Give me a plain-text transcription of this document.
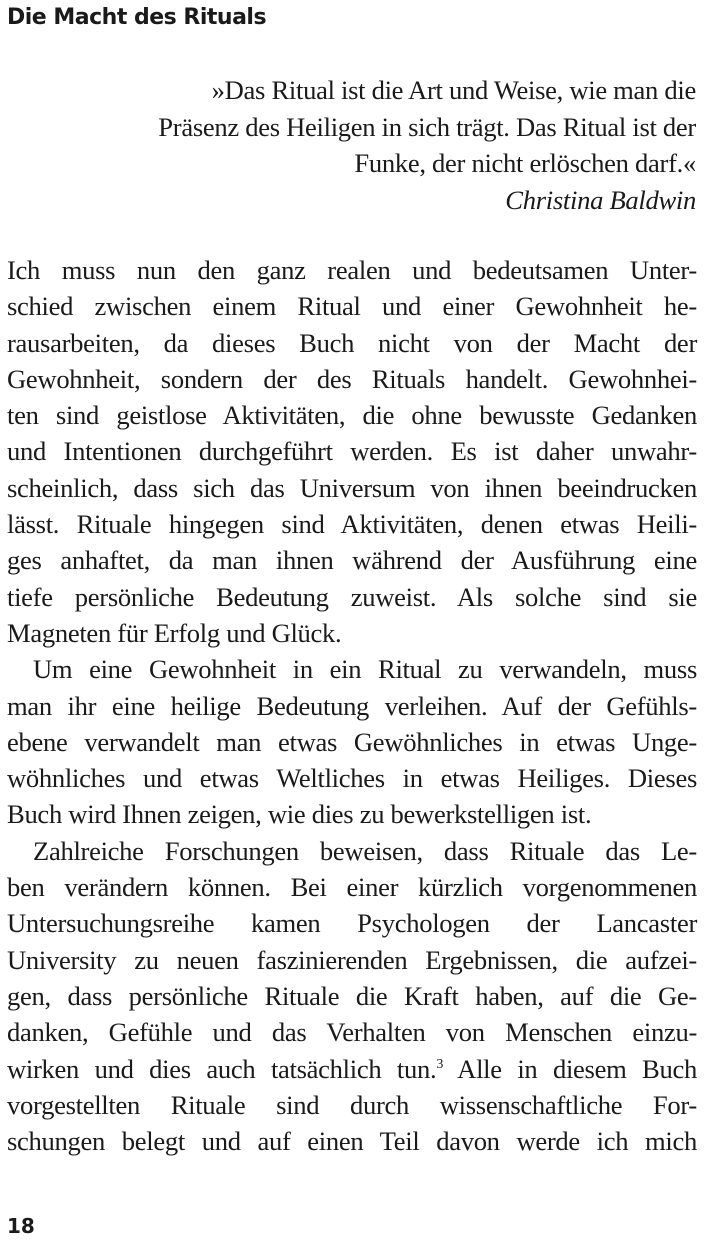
Die Macht des Rituals
»Das Ritual ist die Art und Weise, wie man die
Präsenz des Heiligen in sich trägt. Das Ritual ist der
Funke, der nicht erlöschen darf.«
Christina Baldwin
Ich muss nun den ganz realen und bedeutsamen Unter-
schied zwischen einem Ritual und einer Gewohnheit he-
rausarbeiten, da dieses Buch nicht von der Macht der
Gewohnheit, sondern der des Rituals handelt. Gewohnhei-
ten sind geistlose Aktivitäten, die ohne bewusste Gedanken
und Intentionen durchgeführt werden. Es ist daher unwahr-
scheinlich, dass sich das Universum von ihnen beeindrucken
lässt. Rituale hingegen sind Aktivitäten, denen etwas Heili-
ges anhaftet, da man ihnen während der Ausführung eine
tiefe persönliche Bedeutung zuweist. Als solche sind sie
Magneten für Erfolg und Glück.
Um eine Gewohnheit in ein Ritual zu verwandeln, muss
man ihr eine heilige Bedeutung verleihen. Auf der Gefühls-
ebene verwandelt man etwas Gewöhnliches in etwas Unge-
wöhnliches und etwas Weltliches in etwas Heiliges. Dieses
Buch wird Ihnen zeigen, wie dies zu bewerkstelligen ist.
Zahlreiche Forschungen beweisen, dass Rituale das Le-
ben verändern können. Bei einer kürzlich vorgenommenen
Untersuchungsreihe kamen Psychologen der Lancaster
University zu neuen faszinierenden Ergebnissen, die aufzei-
gen, dass persönliche Rituale die Kraft haben, auf die Ge-
danken, Gefühle und das Verhalten von Menschen einzu-
wirken und dies auch tatsächlich tun.$^3$ Alle in diesem Buch
vorgestellten Rituale sind durch wissenschaftliche For-
schungen belegt und auf einen Teil davon werde ich mich

18
